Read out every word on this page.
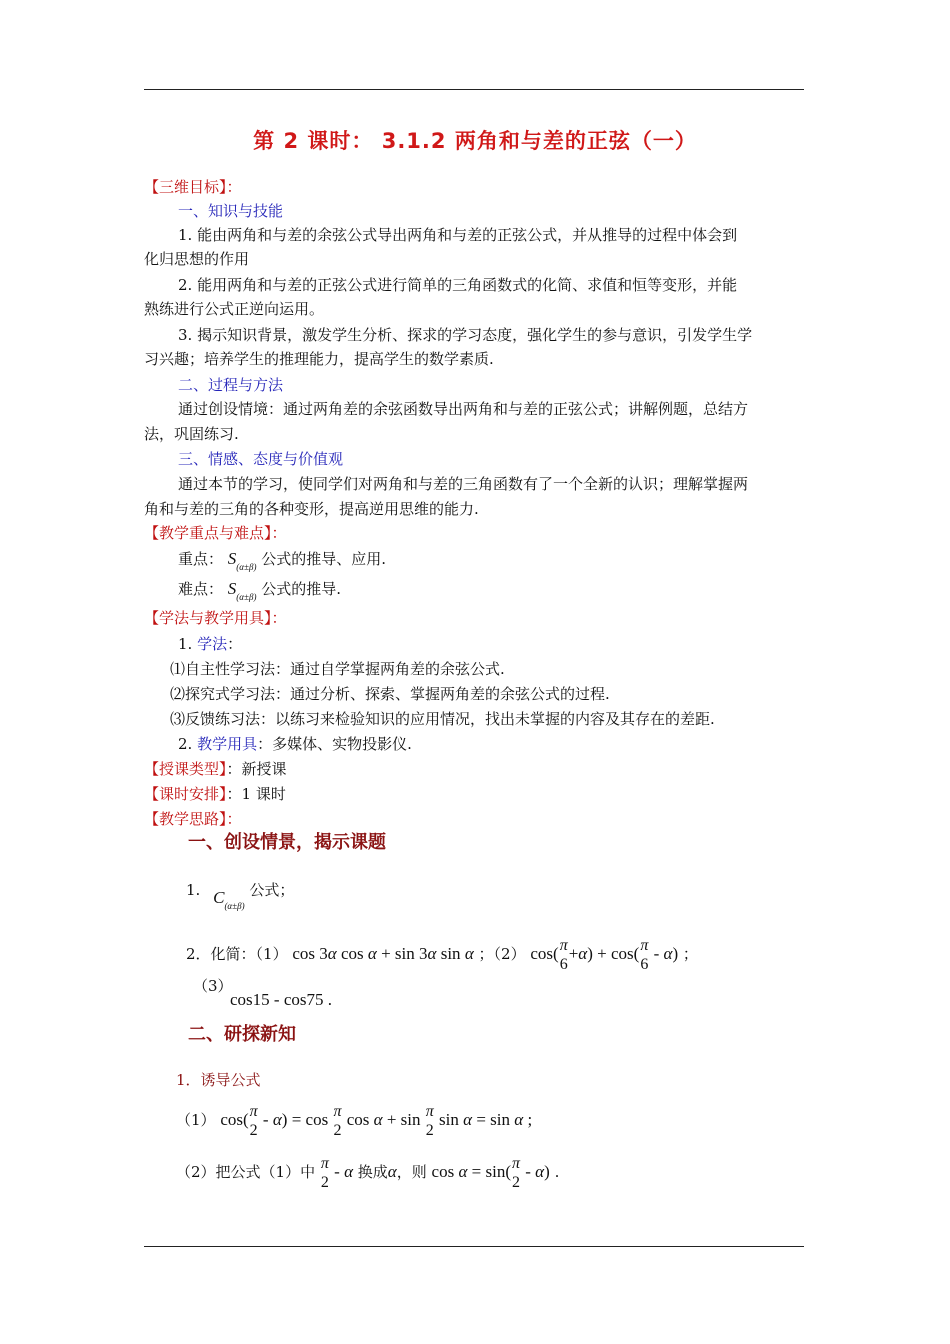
第 2 课时： 3.1.2 两角和与差的正弦（一）
【三维目标】：
一、知识与技能
1. 能由两角和与差的余弦公式导出两角和与差的正弦公式，并从推导的过程中体会到
化归思想的作用
2. 能用两角和与差的正弦公式进行简单的三角函数式的化简、求值和恒等变形，并能
熟练进行公式正逆向运用。
3. 揭示知识背景，激发学生分析、探求的学习态度，强化学生的参与意识，引发学生学
习兴趣；培养学生的推理能力，提高学生的数学素质.
二、过程与方法
通过创设情境：通过两角差的余弦函数导出两角和与差的正弦公式；讲解例题，总结方
法，巩固练习.
三、情感、态度与价值观
通过本节的学习，使同学们对两角和与差的三角函数有了一个全新的认识；理解掌握两
角和与差的三角的各种变形，提高逆用思维的能力.
【教学重点与难点】：
重点： $S_{(\alpha\pm\beta)}$ 公式的推导、应用.
难点： $S_{(\alpha\pm\beta)}$ 公式的推导.
【学法与教学用具】：
1. 学法：
⑴自主性学习法：通过自学掌握两角差的余弦公式.
⑵探究式学习法：通过分析、探索、掌握两角差的余弦公式的过程.
⑶反馈练习法：以练习来检验知识的应用情况，找出未掌握的内容及其存在的差距.
2. 教学用具：多媒体、实物投影仪.
【授课类型】：新授课
【课时安排】：1 课时
【教学思路】：
一、创设情景，揭示课题
1. $C_{(\alpha\pm\beta)}$ 公式；
2．化简：（1） cos 3α cos α + sin 3α sin α ；（2） cos( π
6
+α) + cos( π
6
- α) ；
（3）
cos15 - cos75 .
二、研探新知
1．诱导公式
（1） cos( π
2
- α) = cos π
2
cos α + sin π
2
sin α = sin α ;
（2）把公式（1）中 π
2
- α 换成α，则 cos α = sin( π
2
- α) .
